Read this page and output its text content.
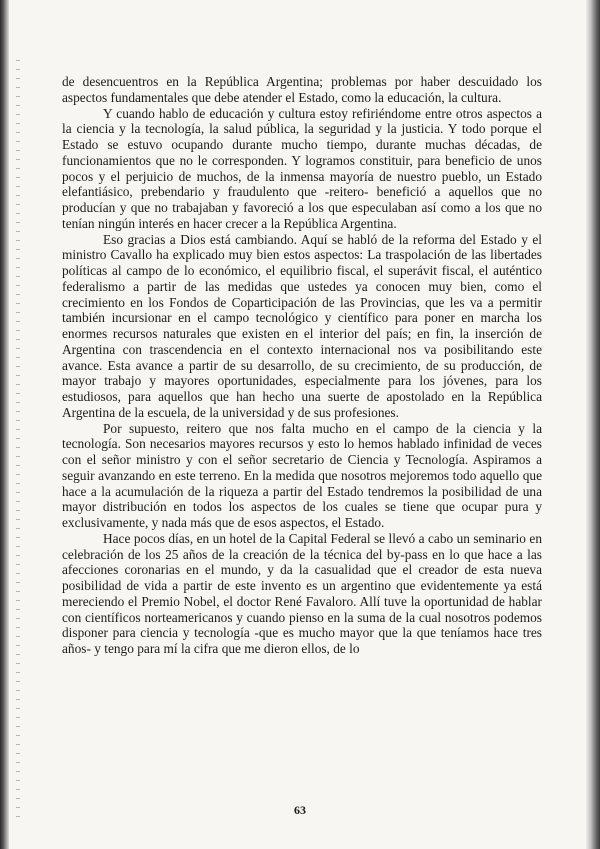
de desencuentros en la República Argentina; problemas por haber descuidado los aspectos fundamentales que debe atender el Estado, como la educación, la cultura.

Y cuando hablo de educación y cultura estoy refiriéndome entre otros aspectos a la ciencia y la tecnología, la salud pública, la seguridad y la justicia. Y todo porque el Estado se estuvo ocupando durante mucho tiempo, durante muchas décadas, de funcionamientos que no le corresponden. Y logramos constituir, para beneficio de unos pocos y el perjuicio de muchos, de la inmensa mayoría de nuestro pueblo, un Estado elefantiásico, prebendario y fraudulento que -reitero- benefició a aquellos que no producían y que no trabajaban y favoreció a los que especulaban así como a los que no tenían ningún interés en hacer crecer a la República Argentina.

Eso gracias a Dios está cambiando. Aquí se habló de la reforma del Estado y el ministro Cavallo ha explicado muy bien estos aspectos: La traspolación de las libertades políticas al campo de lo económico, el equilibrio fiscal, el superávit fiscal, el auténtico federalismo a partir de las medidas que ustedes ya conocen muy bien, como el crecimiento en los Fondos de Coparticipación de las Provincias, que les va a permitir también incursionar en el campo tecnológico y científico para poner en marcha los enormes recursos naturales que existen en el interior del país; en fin, la inserción de Argentina con trascendencia en el contexto internacional nos va posibilitando este avance. Esta avance a partir de su desarrollo, de su crecimiento, de su producción, de mayor trabajo y mayores oportunidades, especialmente para los jóvenes, para los estudiosos, para aquellos que han hecho una suerte de apostolado en la República Argentina de la escuela, de la universidad y de sus profesiones.

Por supuesto, reitero que nos falta mucho en el campo de la ciencia y la tecnología. Son necesarios mayores recursos y esto lo hemos hablado infinidad de veces con el señor ministro y con el señor secretario de Ciencia y Tecnología. Aspiramos a seguir avanzando en este terreno. En la medida que nosotros mejoremos todo aquello que hace a la acumulación de la riqueza a partir del Estado tendremos la posibilidad de una mayor distribución en todos los aspectos de los cuales se tiene que ocupar pura y exclusivamente, y nada más que de esos aspectos, el Estado.

Hace pocos días, en un hotel de la Capital Federal se llevó a cabo un seminario en celebración de los 25 años de la creación de la técnica del by-pass en lo que hace a las afecciones coronarias en el mundo, y da la casualidad que el creador de esta nueva posibilidad de vida a partir de este invento es un argentino que evidentemente ya está mereciendo el Premio Nobel, el doctor René Favaloro. Allí tuve la oportunidad de hablar con científicos norteamericanos y cuando pienso en la suma de la cual nosotros podemos disponer para ciencia y tecnología -que es mucho mayor que la que teníamos hace tres años- y tengo para mí la cifra que me dieron ellos, de lo

63
